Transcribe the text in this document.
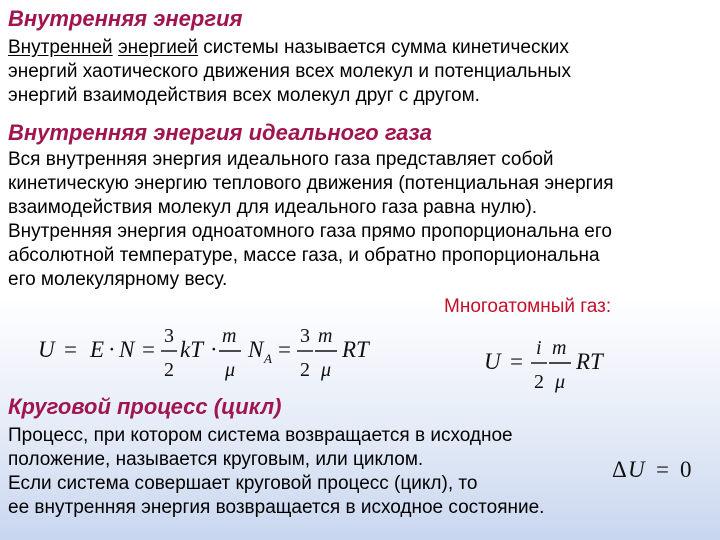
Внутренняя энергия

Внутренней энергией системы называется сумма кинетических
энергий хаотического движения всех молекул и потенциальных
энергий взаимодействия всех молекул друг с другом.

Внутренняя энергия идеального газа

Вся внутренняя энергия идеального газа представляет собой
кинетическую энергию теплового движения (потенциальная энергия
взаимодействия молекул для идеального газа равна нулю).
Внутренняя энергия одноатомного газа прямо пропорциональна его
абсолютной температуре, массе газа, и обратно пропорциональна
его молекулярному весу.

Многоатомный газ:
U = E · N =
3
2
kT ·
m
μ
N A =
3
2
m
μ
RT	U =
i
2
m
μ
RT
Круговой процесс (цикл)

Процесс, при котором система возвращается в исходное
положение, называется круговым, или циклом.
Если система совершает круговой процесс (цикл), то
ее внутренняя энергия возвращается в исходное состояние.

Δ U = 0
